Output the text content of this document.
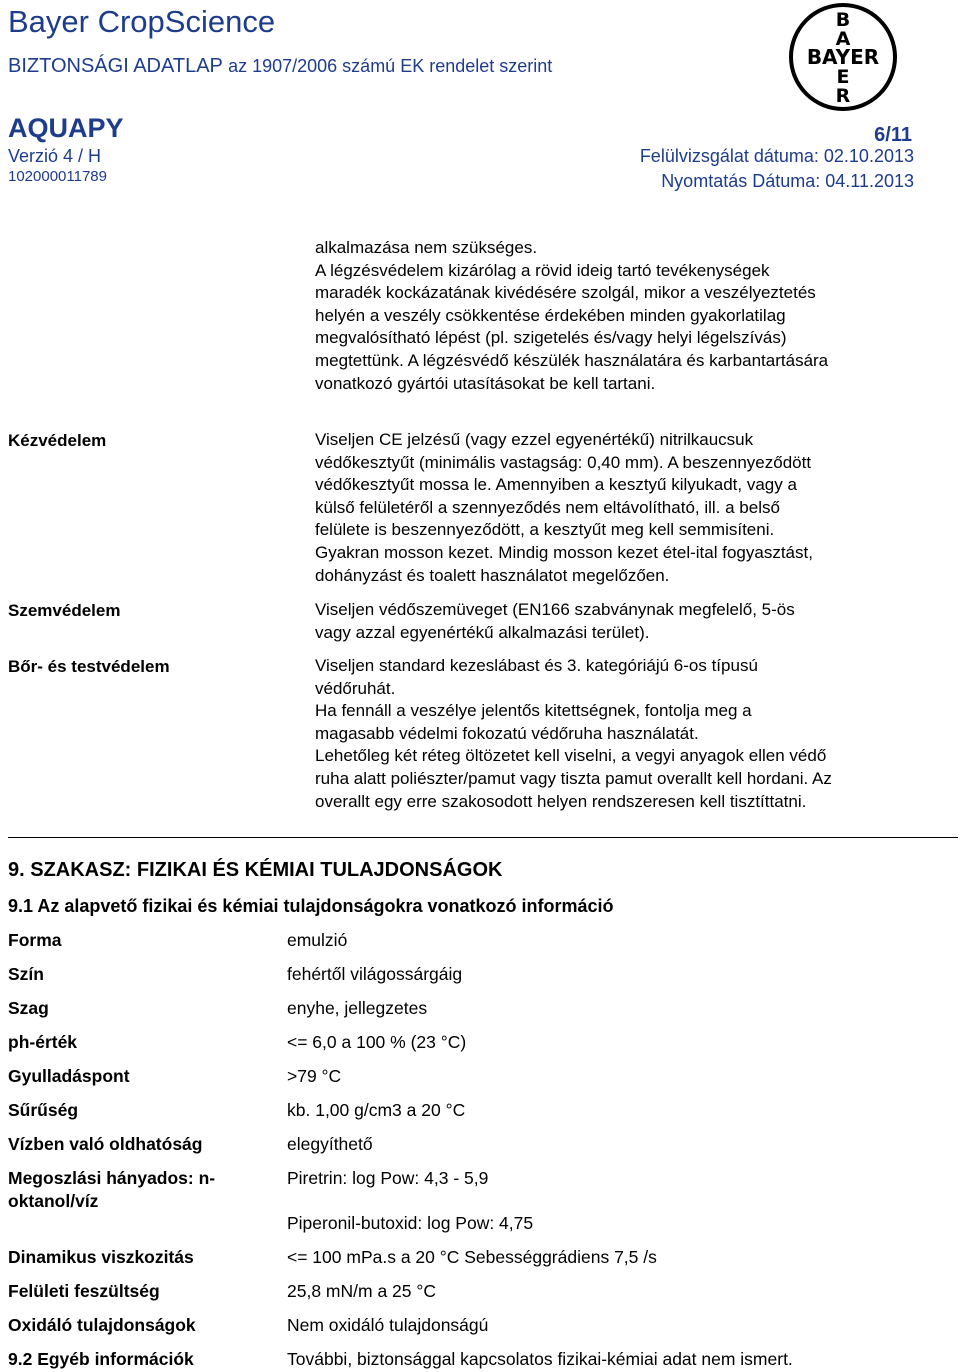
Bayer CropScience
BIZTONSÁGI ADATLAP az 1907/2006 számú EK rendelet szerint
AQUAPY
Verzió 4 / H
102000011789
6/11
Felülvizsgálat dátuma: 02.10.2013
Nyomtatás Dátuma: 04.11.2013
B
A
BAYER
E
R
alkalmazása nem szükséges.
A légzésvédelem kizárólag a rövid ideig tartó tevékenységek
maradék kockázatának kivédésére szolgál, mikor a veszélyeztetés
helyén a veszély csökkentése érdekében minden gyakorlatilag
megvalósítható lépést (pl. szigetelés és/vagy helyi légelszívás)
megtettünk. A légzésvédő készülék használatára és karbantartására
vonatkozó gyártói utasításokat be kell tartani.
Kézvédelem	Viseljen CE jelzésű (vagy ezzel egyenértékű) nitrilkaucsuk
védőkesztyűt (minimális vastagság: 0,40 mm). A beszennyeződött
védőkesztyűt mossa le. Amennyiben a kesztyű kilyukadt, vagy a
külső felületéről a szennyeződés nem eltávolítható, ill. a belső
felülete is beszennyeződött, a kesztyűt meg kell semmisíteni.
Gyakran mosson kezet. Mindig mosson kezet étel-ital fogyasztást,
dohányzást és toalett használatot megelőzően.
Szemvédelem	Viseljen védőszemüveget (EN166 szabványnak megfelelő, 5-ös
vagy azzal egyenértékű alkalmazási terület).
Bőr- és testvédelem	Viseljen standard kezeslábast és 3. kategóriájú 6-os típusú
védőruhát.
Ha fennáll a veszélye jelentős kitettségnek, fontolja meg a
magasabb védelmi fokozatú védőruha használatát.
Lehetőleg két réteg öltözetet kell viselni, a vegyi anyagok ellen védő
ruha alatt poliészter/pamut vagy tiszta pamut overallt kell hordani. Az
overallt egy erre szakosodott helyen rendszeresen kell tisztíttatni.
9. SZAKASZ: FIZIKAI ÉS KÉMIAI TULAJDONSÁGOK
9.1 Az alapvető fizikai és kémiai tulajdonságokra vonatkozó információ
Forma	emulzió
Szín	fehértől világossárgáig
Szag	enyhe, jellegzetes
ph-érték	<= 6,0 a 100 % (23 °C)
Gyulladáspont	>79 °C
Sűrűség	kb. 1,00 g/cm3 a 20 °C
Vízben való oldhatóság	elegyíthető
Megoszlási hányados: n-
oktanol/víz
Piretrin: log Pow: 4,3 - 5,9
Piperonil-butoxid: log Pow: 4,75
Dinamikus viszkozitás	<= 100 mPa.s a 20 °C Sebességgrádiens 7,5 /s
Felületi feszültség	25,8 mN/m a 25 °C
Oxidáló tulajdonságok	Nem oxidáló tulajdonságú
9.2 Egyéb információk	További, biztonsággal kapcsolatos fizikai-kémiai adat nem ismert.
